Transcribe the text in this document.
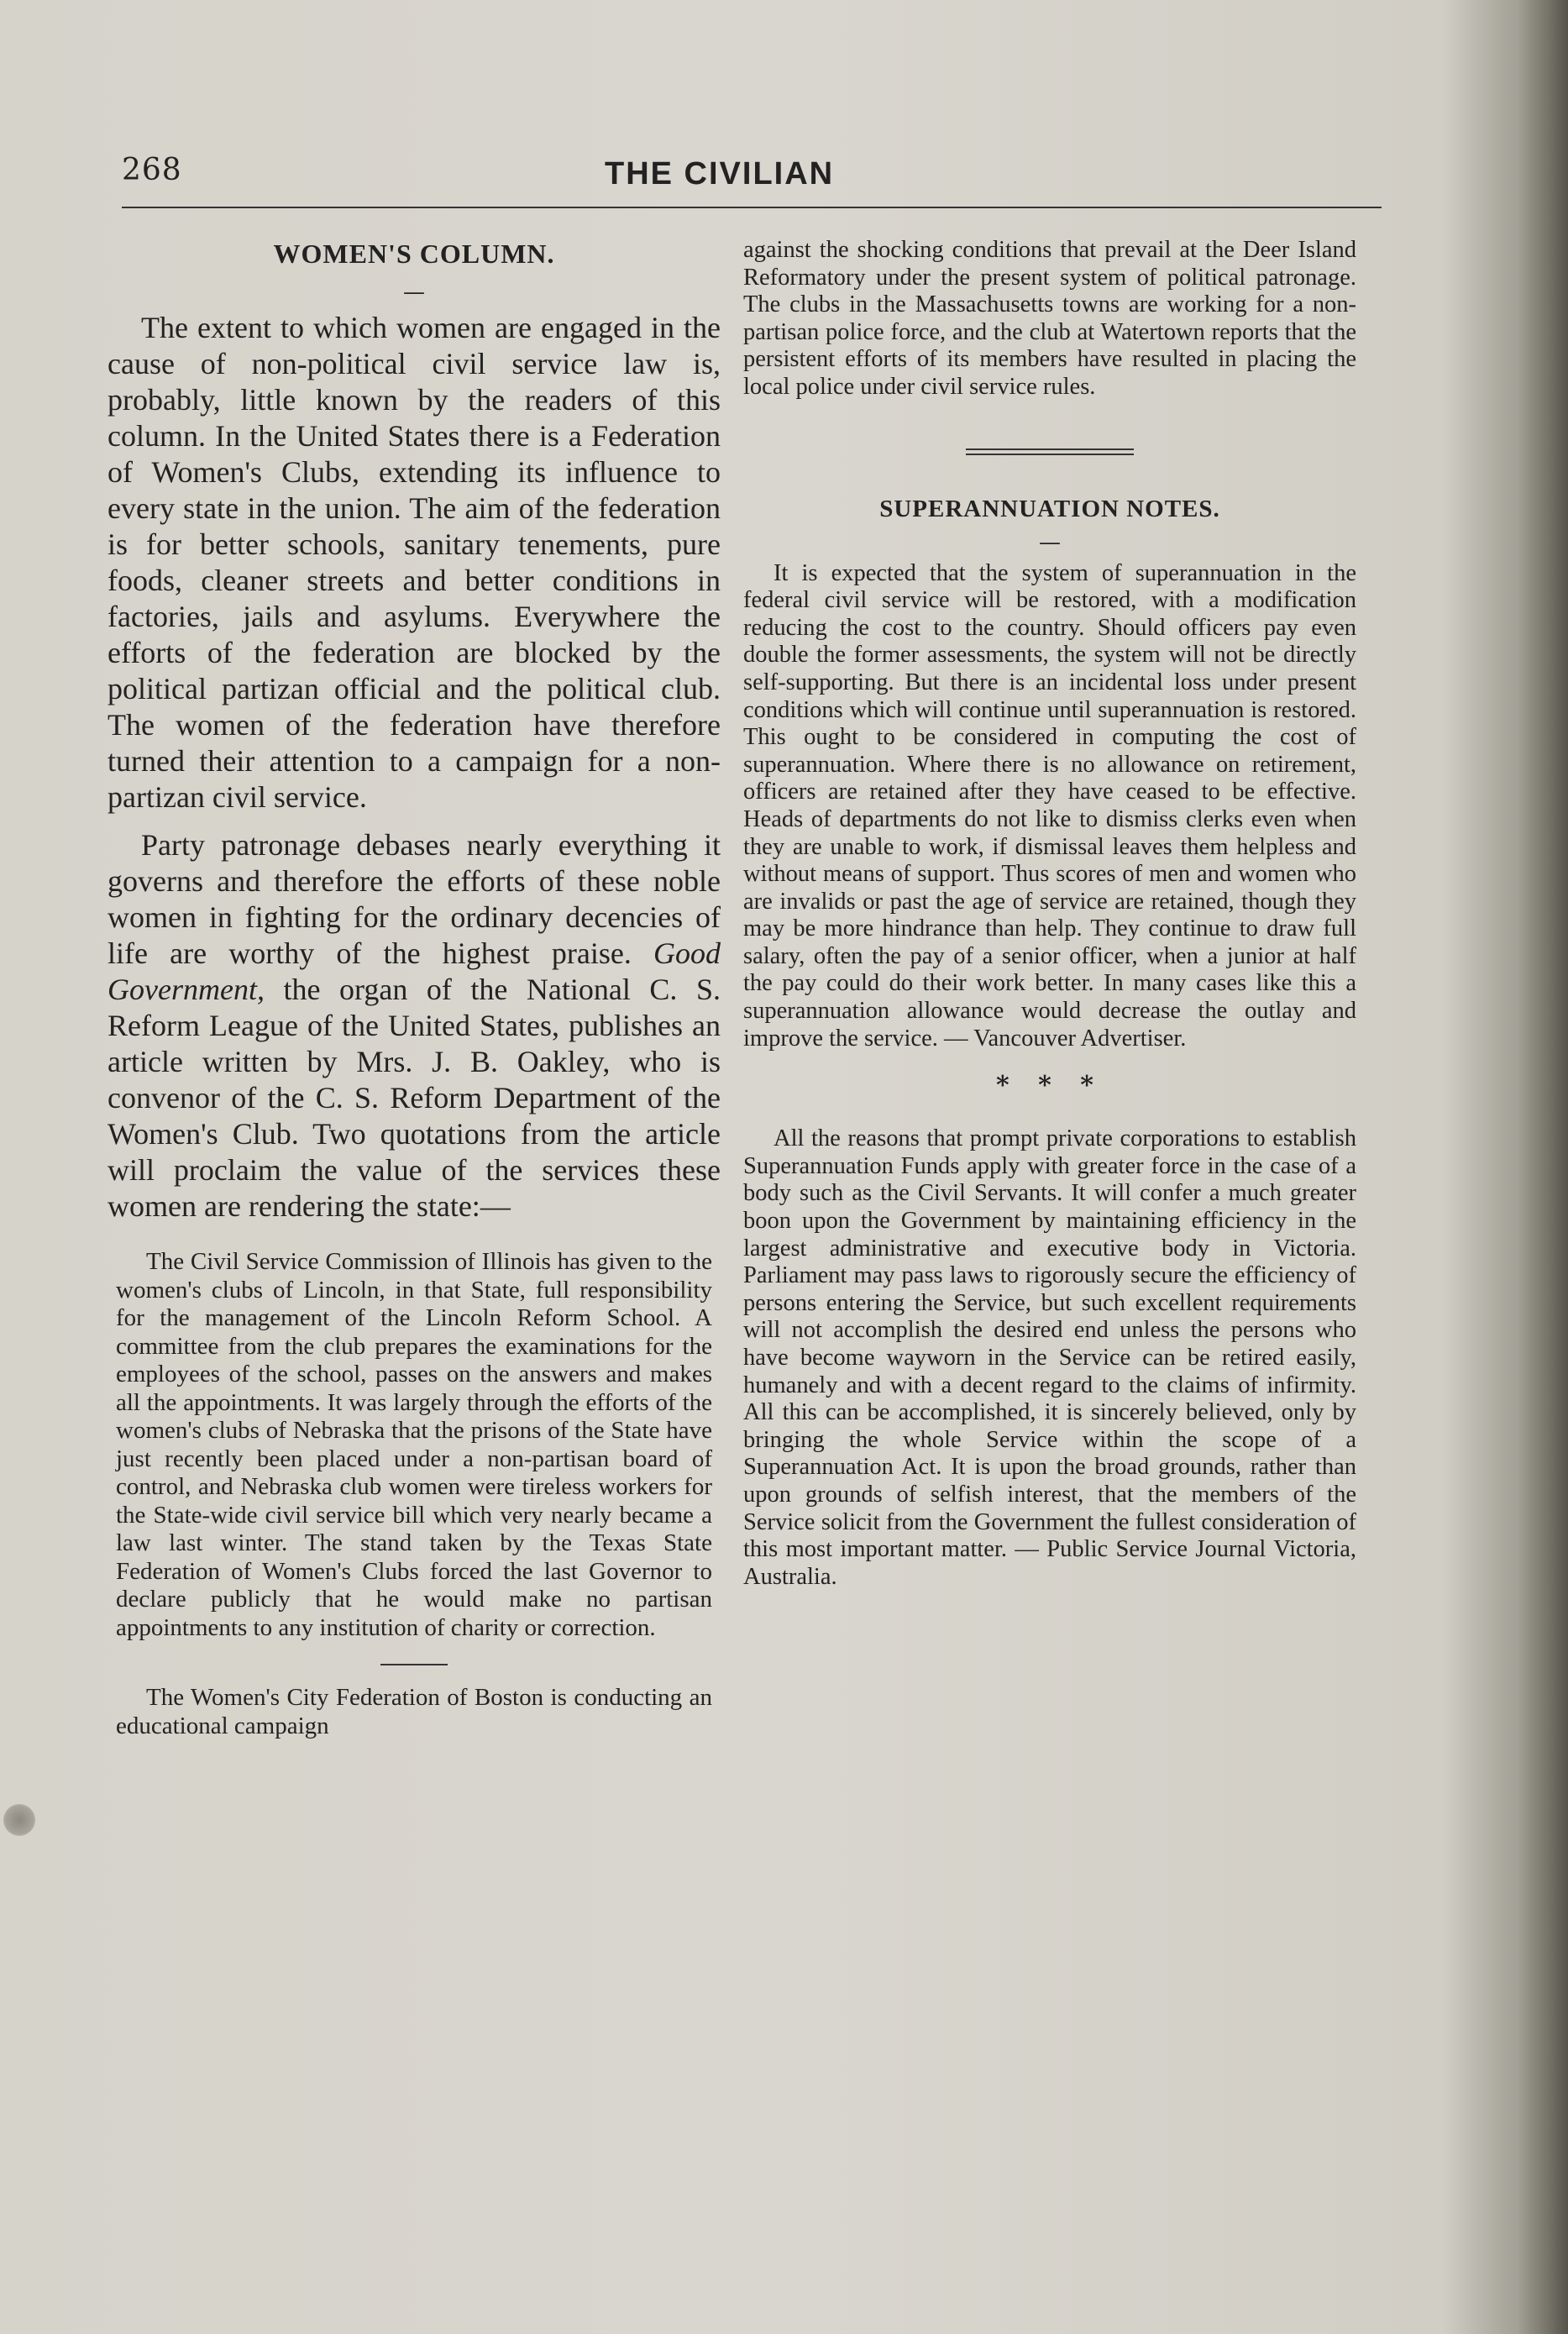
268	THE CIVILIAN
WOMEN'S COLUMN.
—

The extent to which women are engaged in the cause of non-political civil service law is, probably, little known by the readers of this column. In the United States there is a Federation of Women's Clubs, extending its influence to every state in the union. The aim of the federation is for better schools, sanitary tenements, pure foods, cleaner streets and better conditions in factories, jails and asylums. Everywhere the efforts of the federation are blocked by the political partizan official and the political club. The women of the federation have therefore turned their attention to a campaign for a non-partizan civil service.

Party patronage debases nearly everything it governs and therefore the efforts of these noble women in fighting for the ordinary decencies of life are worthy of the highest praise. Good Government, the organ of the National C. S. Reform League of the United States, publishes an article written by Mrs. J. B. Oakley, who is convenor of the C. S. Reform Department of the Women's Club. Two quotations from the article will proclaim the value of the services these women are rendering the state:—

The Civil Service Commission of Illinois has given to the women's clubs of Lincoln, in that State, full responsibility for the management of the Lincoln Reform School. A committee from the club prepares the examinations for the employees of the school, passes on the answers and makes all the appointments. It was largely through the efforts of the women's clubs of Nebraska that the prisons of the State have just recently been placed under a non-partisan board of control, and Nebraska club women were tireless workers for the State-wide civil service bill which very nearly became a law last winter. The stand taken by the Texas State Federation of Women's Clubs forced the last Governor to declare publicly that he would make no partisan appointments to any institution of charity or correction.

The Women's City Federation of Boston is conducting an educational campaign

against the shocking conditions that prevail at the Deer Island Reformatory under the present system of political patronage. The clubs in the Massachusetts towns are working for a non-partisan police force, and the club at Watertown reports that the persistent efforts of its members have resulted in placing the local police under civil service rules.

SUPERANNUATION NOTES.
—

It is expected that the system of superannuation in the federal civil service will be restored, with a modification reducing the cost to the country. Should officers pay even double the former assessments, the system will not be directly self-supporting. But there is an incidental loss under present conditions which will continue until superannuation is restored. This ought to be considered in computing the cost of superannuation. Where there is no allowance on retirement, officers are retained after they have ceased to be effective. Heads of departments do not like to dismiss clerks even when they are unable to work, if dismissal leaves them helpless and without means of support. Thus scores of men and women who are invalids or past the age of service are retained, though they may be more hindrance than help. They continue to draw full salary, often the pay of a senior officer, when a junior at half the pay could do their work better. In many cases like this a superannuation allowance would decrease the outlay and improve the service. — Vancouver Advertiser.

* * *

All the reasons that prompt private corporations to establish Superannuation Funds apply with greater force in the case of a body such as the Civil Servants. It will confer a much greater boon upon the Government by maintaining efficiency in the largest administrative and executive body in Victoria. Parliament may pass laws to rigorously secure the efficiency of persons entering the Service, but such excellent requirements will not accomplish the desired end unless the persons who have become wayworn in the Service can be retired easily, humanely and with a decent regard to the claims of infirmity. All this can be accomplished, it is sincerely believed, only by bringing the whole Service within the scope of a Superannuation Act. It is upon the broad grounds, rather than upon grounds of selfish interest, that the members of the Service solicit from the Government the fullest consideration of this most important matter. — Public Service Journal Victoria, Australia.
